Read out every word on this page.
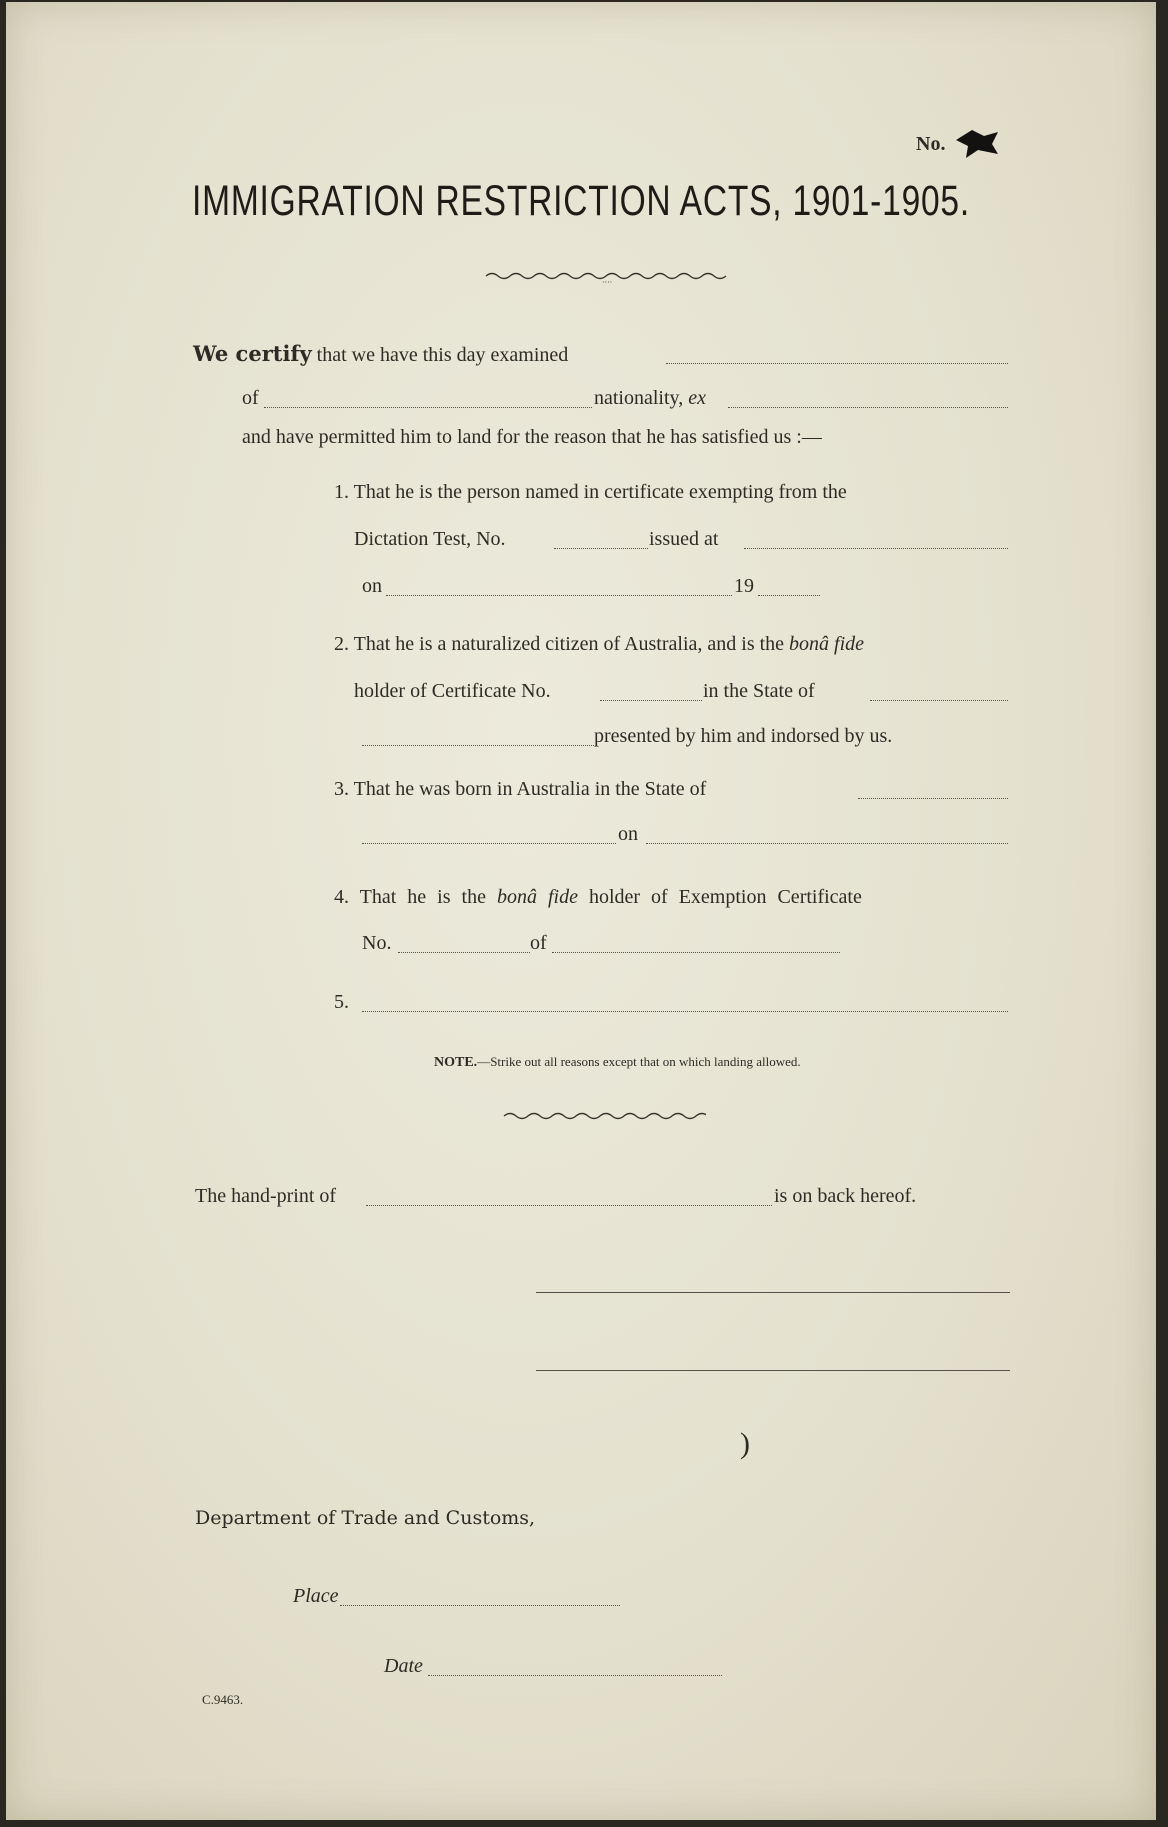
No.
IMMIGRATION RESTRICTION ACTS, 1901-1905.
····
We certify that we have this day examined
of	nationality, ex
and have permitted him to land for the reason that he has satisfied us :—
1. That he is the person named in certificate exempting from the
Dictation Test, No.	issued at
on	19
2. That he is a naturalized citizen of Australia, and is the bonâ fide
holder of Certificate No.	in the State of
presented by him and indorsed by us.
3. That he was born in Australia in the State of
on
4. That he is the bonâ fide holder of Exemption Certificate
No.	of
5.
NOTE.—Strike out all reasons except that on which landing allowed.
The hand-print of	is on back hereof.
)
Department of Trade and Customs,
Place
Date
C.9463.
